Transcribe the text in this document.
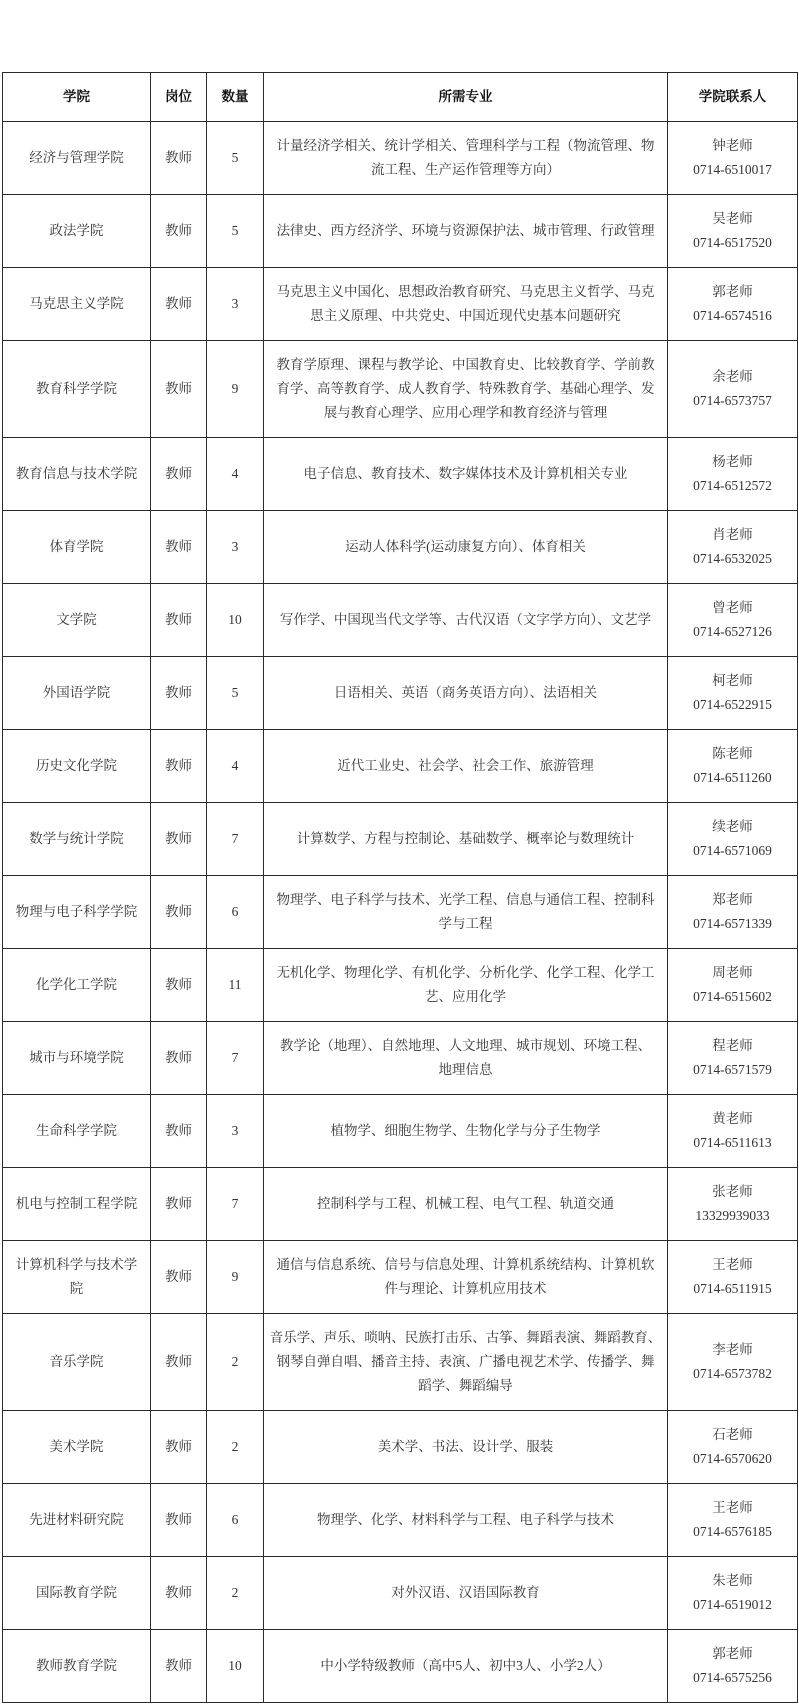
学院	岗位	数量	所需专业	学院联系人
经济与管理学院	教师	5	计量经济学相关、统计学相关、管理科学与工程（物流管理、物
流工程、生产运作管理等方向）	钟老师
0714-6510017

政法学院	教师	5	法律史、西方经济学、环境与资源保护法、城市管理、行政管理	吴老师
0714-6517520

马克思主义学院	教师	3	马克思主义中国化、思想政治教育研究、马克思主义哲学、马克
思主义原理、中共党史、中国近现代史基本问题研究	郭老师
0714-6574516

教育科学学院	教师	9	教育学原理、课程与教学论、中国教育史、比较教育学、学前教
育学、高等教育学、成人教育学、特殊教育学、基础心理学、发
展与教育心理学、应用心理学和教育经济与管理	余老师
0714-6573757

教育信息与技术学院	教师	4	电子信息、教育技术、数字媒体技术及计算机相关专业	杨老师
0714-6512572

体育学院	教师	3	运动人体科学(运动康复方向）、体育相关	肖老师
0714-6532025

文学院	教师	10	写作学、中国现当代文学等、古代汉语（文字学方向）、文艺学	曾老师
0714-6527126

外国语学院	教师	5	日语相关、英语（商务英语方向）、法语相关	柯老师
0714-6522915

历史文化学院	教师	4	近代工业史、社会学、社会工作、旅游管理	陈老师
0714-6511260

数学与统计学院	教师	7	计算数学、方程与控制论、基础数学、概率论与数理统计	续老师
0714-6571069

物理与电子科学学院	教师	6	物理学、电子科学与技术、光学工程、信息与通信工程、控制科
学与工程	郑老师
0714-6571339

化学化工学院	教师	11	无机化学、物理化学、有机化学、分析化学、化学工程、化学工
艺、应用化学	周老师
0714-6515602

城市与环境学院	教师	7	教学论（地理）、自然地理、人文地理、城市规划、环境工程、
地理信息	程老师
0714-6571579

生命科学学院	教师	3	植物学、细胞生物学、生物化学与分子生物学	黄老师
0714-6511613

机电与控制工程学院	教师	7	控制科学与工程、机械工程、电气工程、轨道交通	张老师
13329939033

计算机科学与技术学院	教师	9	通信与信息系统、信号与信息处理、计算机系统结构、计算机软
件与理论、计算机应用技术	王老师
0714-6511915

音乐学院	教师	2	音乐学、声乐、唢呐、民族打击乐、古筝、舞蹈表演、舞蹈教育、
钢琴自弹自唱、播音主持、表演、广播电视艺术学、传播学、舞
蹈学、舞蹈编导	李老师
0714-6573782

美术学院	教师	2	美术学、书法、设计学、服装	石老师
0714-6570620

先进材料研究院	教师	6	物理学、化学、材料科学与工程、电子科学与技术	王老师
0714-6576185

国际教育学院	教师	2	对外汉语、汉语国际教育	朱老师
0714-6519012

教师教育学院	教师	10	中小学特级教师（高中5人、初中3人、小学2人）	郭老师
0714-6575256
